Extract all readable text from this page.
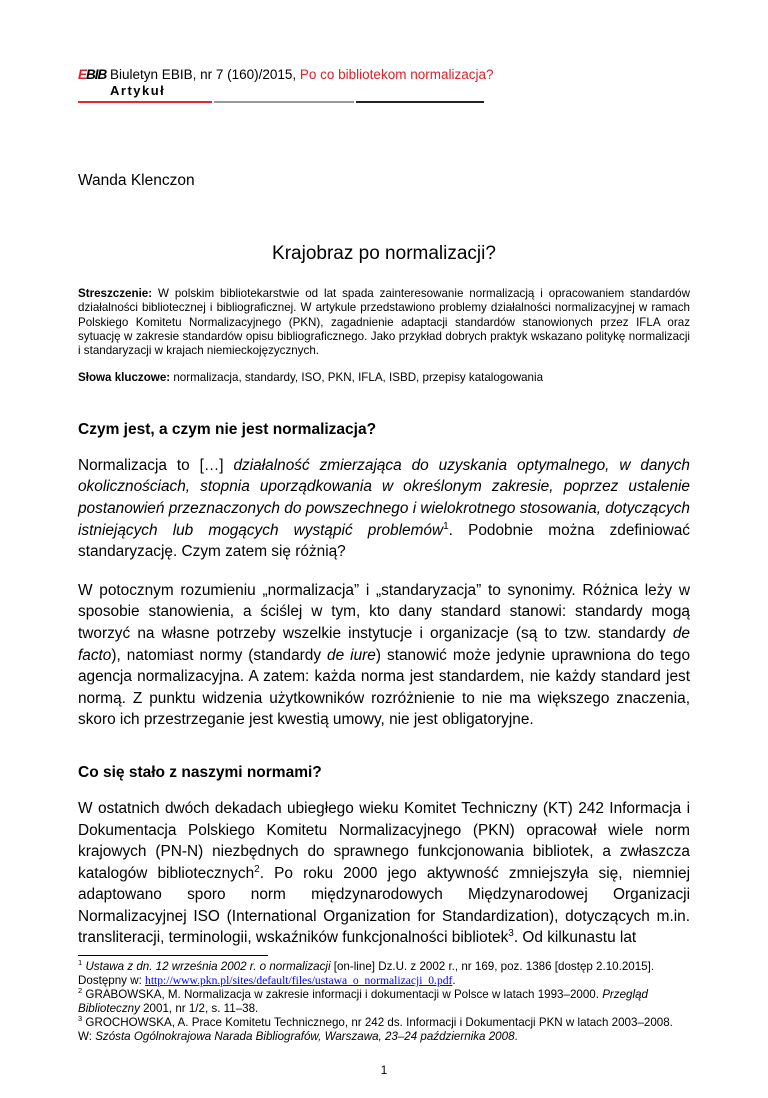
EBIB Biuletyn EBIB, nr 7 (160)/2015, Po co bibliotekom normalizacja?
Artykuł
Wanda Klenczon
Krajobraz po normalizacji?
Streszczenie: W polskim bibliotekarstwie od lat spada zainteresowanie normalizacją i opracowaniem standardów działalności bibliotecznej i bibliograficznej. W artykule przedstawiono problemy działalności normalizacyjnej w ramach Polskiego Komitetu Normalizacyjnego (PKN), zagadnienie adaptacji standardów stanowionych przez IFLA oraz sytuację w zakresie standardów opisu bibliograficznego. Jako przykład dobrych praktyk wskazano politykę normalizacji i standaryzacji w krajach niemieckojęzycznych.
Słowa kluczowe: normalizacja, standardy, ISO, PKN, IFLA, ISBD, przepisy katalogowania
Czym jest, a czym nie jest normalizacja?

Normalizacja to […] działalność zmierzająca do uzyskania optymalnego, w danych okolicznościach, stopnia uporządkowania w określonym zakresie, poprzez ustalenie postanowień przeznaczonych do powszechnego i wielokrotnego stosowania, dotyczących istniejących lub mogących wystąpić problemów$^1$. Podobnie można zdefiniować standaryzację. Czym zatem się różnią?

W potocznym rozumieniu „normalizacja” i „standaryzacja” to synonimy. Różnica leży w sposobie stanowienia, a ściślej w tym, kto dany standard stanowi: standardy mogą tworzyć na własne potrzeby wszelkie instytucje i organizacje (są to tzw. standardy de facto), natomiast normy (standardy de iure) stanowić może jedynie uprawniona do tego agencja normalizacyjna. A zatem: każda norma jest standardem, nie każdy standard jest normą. Z punktu widzenia użytkowników rozróżnienie to nie ma większego znaczenia, skoro ich przestrzeganie jest kwestią umowy, nie jest obligatoryjne.

Co się stało z naszymi normami?

W ostatnich dwóch dekadach ubiegłego wieku Komitet Techniczny (KT) 242 Informacja i Dokumentacja Polskiego Komitetu Normalizacyjnego (PKN) opracował wiele norm krajowych (PN-N) niezbędnych do sprawnego funkcjonowania bibliotek, a zwłaszcza katalogów bibliotecznych$^2$. Po roku 2000 jego aktywność zmniejszyła się, niemniej adaptowano sporo norm międzynarodowych Międzynarodowej Organizacji Normalizacyjnej ISO (International Organization for Standardization), dotyczących m.in. transliteracji, terminologii, wskaźników funkcjonalności bibliotek$^3$. Od kilkunastu lat

$^1$ Ustawa z dn. 12 września 2002 r. o normalizacji [on-line] Dz.U. z 2002 r., nr 169, poz. 1386 [dostęp 2.10.2015]. Dostępny w: http://www.pkn.pl/sites/default/files/ustawa_o_normalizacji_0.pdf.
$^2$ GRABOWSKA, M. Normalizacja w zakresie informacji i dokumentacji w Polsce w latach 1993–2000. Przegląd Biblioteczny 2001, nr 1/2, s. 11–38.
$^3$ GROCHOWSKA, A. Prace Komitetu Technicznego, nr 242 ds. Informacji i Dokumentacji PKN w latach 2003–2008. W: Szósta Ogólnokrajowa Narada Bibliografów, Warszawa, 23–24 października 2008.
1
